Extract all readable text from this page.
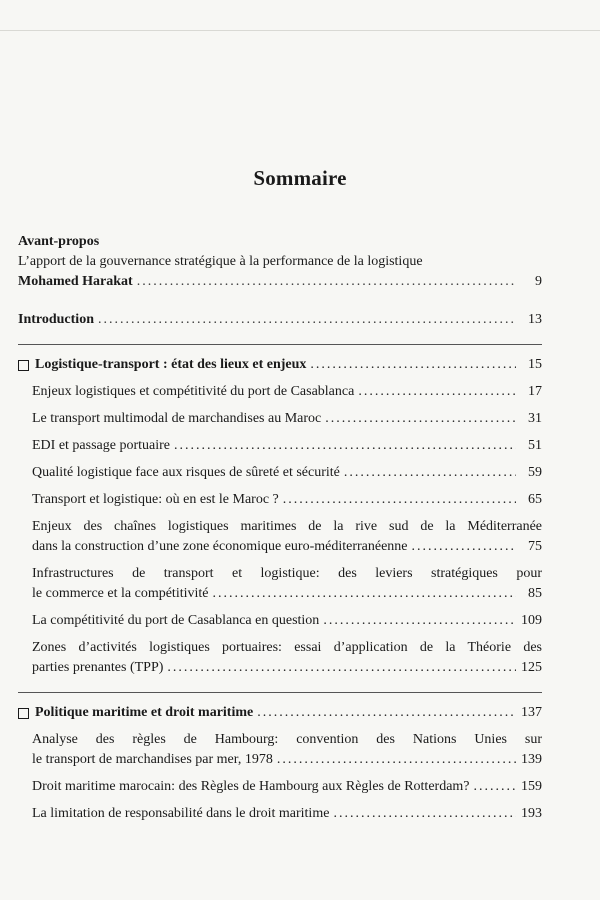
Sommaire
Avant-propos
L’apport de la gouvernance stratégique à la performance de la logistique
Mohamed Harakat .....	9
Introduction .....	13
Logistique-transport : état des lieux et enjeux .....	15
Enjeux logistiques et compétitivité du port de Casablanca .....	17
Le transport multimodal de marchandises au Maroc .....	31
EDI et passage portuaire .....	51
Qualité logistique face aux risques de sûreté et sécurité .....	59
Transport et logistique: où en est le Maroc ? .....	65
Enjeux des chaînes logistiques maritimes de la rive sud de la Méditerranée
dans la construction d’une zone économique euro-méditerranéenne .....	75
Infrastructures de transport et logistique: des leviers stratégiques pour
le commerce et la compétitivité .....	85
La compétitivité du port de Casablanca en question .....	109
Zones d’activités logistiques portuaires: essai d’application de la Théorie des
parties prenantes (TPP) .....	125
Politique maritime et droit maritime .....	137
Analyse des règles de Hambourg: convention des Nations Unies sur
le transport de marchandises par mer, 1978 .....	139
Droit maritime marocain: des Règles de Hambourg aux Règles de Rotterdam? .....	159
La limitation de responsabilité dans le droit maritime .....	193
